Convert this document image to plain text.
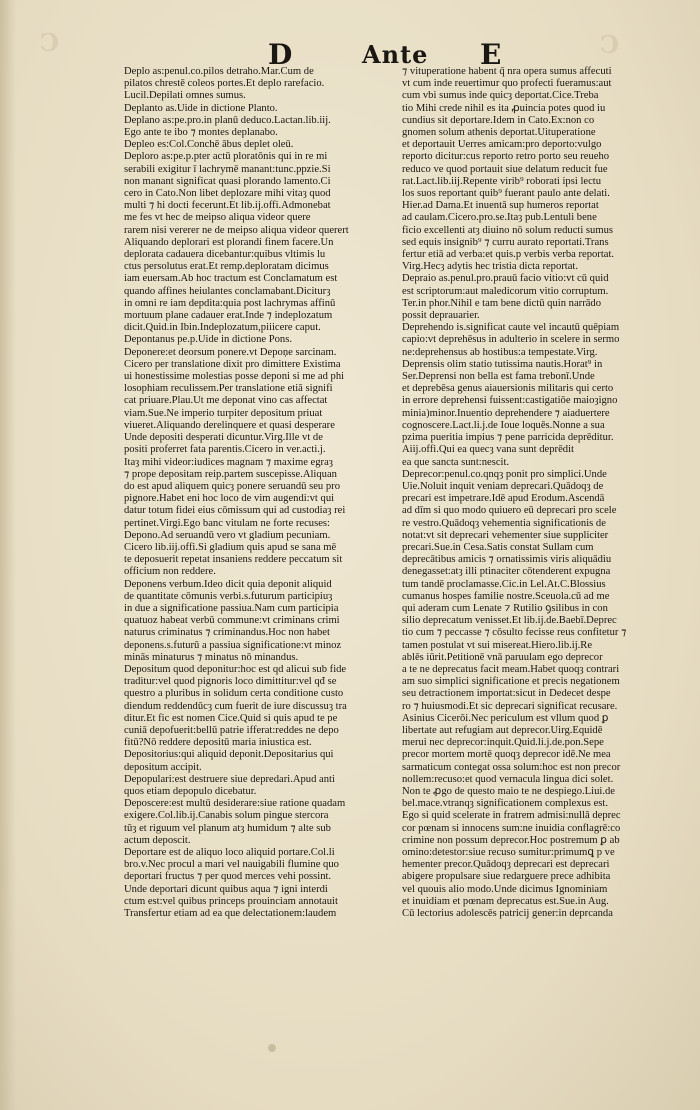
Ↄ	Ↄ
D	Ante E
Deplo as:penul.co.pilos detraho.Mar.Cum de
pilatos chrestē coleos portes.Et deplo rarefacio.
Lucil.Depilati omnes sumus.
Deplanto as.Uide in dictione Planto.
Deplano as:pe.pro.in planū deduco.Lactan.lib.iij.
Ego ante te ibo ⁊ montes deplanabo.
Depleo es:Col.Conchē ābus deplet oleū.
Deploro as:pe.p.pter actū ploratōnis qui in re mi
serabili exigitur ī lachrymē manant:tunc.ppzie.Si
non manant significat quasi plorando lamento.Ci
cero in Cato.Non libet deplozare mihi vitaȝ quod
multi ⁊ hi docti fecerunt.Et lib.ij.offi.Admonebat
me fes vt hec de meipso aliqua videor quere
rarem nisi vererer ne de meipso aliqua videor querert
Aliquando deplorari est plorandi finem facere.Un
deplorata cadauera dicebantur:quibus vltimis lu
ctus persolutus erat.Et remp.deploratam dicimus
iam euersam.Ab hoc tractum est Conclamatum est
quando affines heiulantes conclamabant.Diciturȝ
in omni re iam depdita:quia post lachrymas affinū
mortuum plane cadauer erat.Inde ⁊ indeplozatum
dicit.Quid.in Ibin.Indeplozatum,piiicere caput.
Depontanus pe.p.Uide in dictione Pons.
Deponere:et deorsum ponere.vt Depoņe sarcinam.
Cicero per translatione dixit pro dimittere Existima
ui honestissime molestias posse deponi si me ad phi
losophiam reculissem.Per translatione etiā signifi
cat priuare.Plau.Ut me deponat vino cas affectat
viam.Sue.Ne imperio turpiter depositum priuat
viueret.Aliquando derelinquere et quasi desperare
Unde depositi desperati dicuntur.Virg.Ille vt de
positi proferret fata parentis.Cicero in ver.acti.j.
Itaȝ mihi videor:iudices magnam ⁊ maxime egraȝ
⁊ prope depositam reip.partem suscepisse.Aliquan
do est apud aliquem quicȝ ponere seruandū seu pro
pignore.Habet eni hoc loco de vim augendi:vt qui
datur totum fidei eius cōmissum qui ad custodiaȝ rei
pertinet.Virgi.Ego banc vitulam ne forte recuses:
Depono.Ad seruandū vero vt gladium pecuniam.
Cicero lib.iij.offi.Si gladium quis apud se sana mē
te deposuerit repetat insaniens reddere peccatum sit
officium non reddere.
Deponens verbum.Ideo dicit quia deponit aliquid
de quantitate cōmunis verbi.s.futurum participiuȝ
in due a significatione passiua.Nam cum participia
quatuoz habeat verbū commune:vt criminans crimi
naturus criminatus ⁊ criminandus.Hoc non habet
deponens.s.futurū a passiua significatione:vt minoz
minās minaturus ⁊ minatus nō minandus.
Depositum quod deponitur:hoc est qd alicui sub fide
traditur:vel quod pignoris loco dimittitur:vel qđ se
questro a pluribus in solidum certa conditione custo
diendum reddendūcȝ cum fuerit de iure discussuȝ tra
ditur.Et fic est nomen Cice.Quid si quis apud te pe
cuniā depofuerit:bellū patrie ifferat:reddes ne depo
fitū?Nō reddere depositū maria iniustica est.
Depositorius:qui aliquid deponit.Depositarius qui
depositum accipit.
Depopulari:est destruere siue depredari.Apud anti
quos etiam depopulo dicebatur.
Deposcere:est multū desiderare:siue ratione quadam
exigere.Col.lib.ij.Canabis solum pingue stercora
tūȝ et riguum vel planum atȝ humidum ⁊ alte sub
actum deposcit.
Deportare est de aliquo loco aliquid portare.Col.li
bro.v.Nec procul a mari vel nauigabili flumine quo
deportari fructus ⁊ per quod merces vehi possint.
Unde deportari dicunt quibus aqua ⁊ igni interdi
ctum est:vel quibus princeps prouinciam annotauit
Transfertur etiam ad ea que delectationem:laudem
⁊ vituperatione habent q̄ nra opera sumus affecuti
vt cum inde reuertimur quo profecti fueramus:aut
cum vbi sumus inde quicȝ deportat.Cice.Treba
tio Mihi crede nihil es ita ꝓuincia potes quod iu
cundius sit deportare.Idem in Cato.Ex:non co
gnomen solum athenis deportat.Uituperatione
et deportauit Uerres amicam:pro deporto:vulgo
reporto dicitur:cus reporto retro porto seu reueho
reduco ve quod portauit siue delatum reducit fue
rat.Lact.lib.iij.Repente virib⁹ roborati ipsi lectu
los suos reportant quib⁹ fuerant paulo ante delati.
Hier.ad Dama.Et inuentā sup humeros reportat
ad caulam.Cicero.pro.se.Itaȝ pub.Lentuli bene
ficio excellenti atȝ diuino nō solum reducti sumus
sed equis insignib⁹ ⁊ curru aurato reportati.Trans
fertur etiā ad verba:et quis.p verbis verba reportat.
Virg.Hecȝ adytis hec tristia dicta reportat.
Depraio as.penul.pro.prauū facio vitio:vt cū quid
est scriptorum:aut maledicorum vitio corruptum.
Ter.in phor.Nihil e tam bene dictū quin narrādo
possit deprauarier.
Deprehendo is.significat caute vel incautū quēpiam
capio:vt deprehēsus in adulterio in scelere in sermo
ne:deprehensus ab hostibus:a tempestate.Virg.
Deprensis olim statio tutissima nautis.Horat⁹ in
Ser.Deprensi non bella est fama trebonī.Unde
et deprebēsa genus aiauersionis militaris qui certo
in errore deprehensi fuissent:castigatiōe maioȝigno
minia)minor.Inuentio deprehendere ⁊ aiaduertere
cognoscere.Lact.li.j.de Ioue loquēs.Nonne a sua
pzima pueritia impius ⁊ pene parricida deprēditur.
Aiij.offi.Qui ea quecȝ vana sunt deprēdit
ea que sancta sunt:nescit.
Deprecor:penul.co.qnqȝ ponit pro simplici.Unde
Uie.Noluit inquit veniam deprecari.Quādoqȝ de
precari est impetrare.Idē apud Erodum.Ascendā
ad dīm si quo modo quiuero eū deprecari pro scele
re vestro.Quādoqȝ vehementia significationis de
notat:vt sit deprecari vehementer siue suppliciter
precari.Sue.in Cesa.Satis constat Sullam cum
deprecātibus amicis ⁊ ornatissimis viris aliquādiu
denegasset:atȝ illi ptinaciter cōtenderent expugna
tum tandē proclamasse.Cic.in Lel.At.C.Blossius
cumanus hospes familie nostre.Sceuola.cū ad me
qui aderam cum Lenate ⁊ Rutilio ꝯsilibus in con
silio deprecatum venisset.Et lib.ij.de.Baebī.Deprec
tio cum ⁊ peccasse ⁊ cōsulto fecisse reus confitetur ⁊
tamen postulat vt sui misereat.Hiero.lib.ij.Re
ablēs iūrit.Petitionē vnā paruulam ego deprecor
a te ne deprecatus facit meam.Habet quoqȝ contrari
am suo simplici significatione et precis negationem
seu detractionem importat:sicut in Dedecet despe
ro ⁊ huiusmodi.Et sic deprecari significat recusare.
Asinius Cicerōi.Nec periculum est vllum quod ꝑ
libertate aut refugiam aut deprecor.Uirg.Equidē
merui nec deprecor:inquit.Quid.li.j.de.pon.Sepe
precor mortem mortē quoqȝ deprecor idē.Ne mea
sarmaticum contegat ossa solum:hoc est non precor
nollem:recuso:et quod vernacula lingua dici solet.
Non te ꝓgo de questo maio te ne despiego.Liui.de
bel.mace.vtranqȝ significationem complexus est.
Ego si quid scelerate in fratrem admisi:nullā deprec
cor pœnam si innocens sum:ne inuidia conflagrē:co
crimine non possum deprecor.Hoc postremum ꝑ ab
omino:detestor:siue recuso sumitur:primumꝗ p ve
hementer precor.Quādoqȝ deprecari est deprecari
abigere propulsare siue redarguere prece adhibita
vel quouis alio modo.Unde dicimus Ignominiam
et inuidiam et pœnam deprecatus est.Sue.in Aug.
Cū lectorius adolescēs patricij gener:in deprcanda
